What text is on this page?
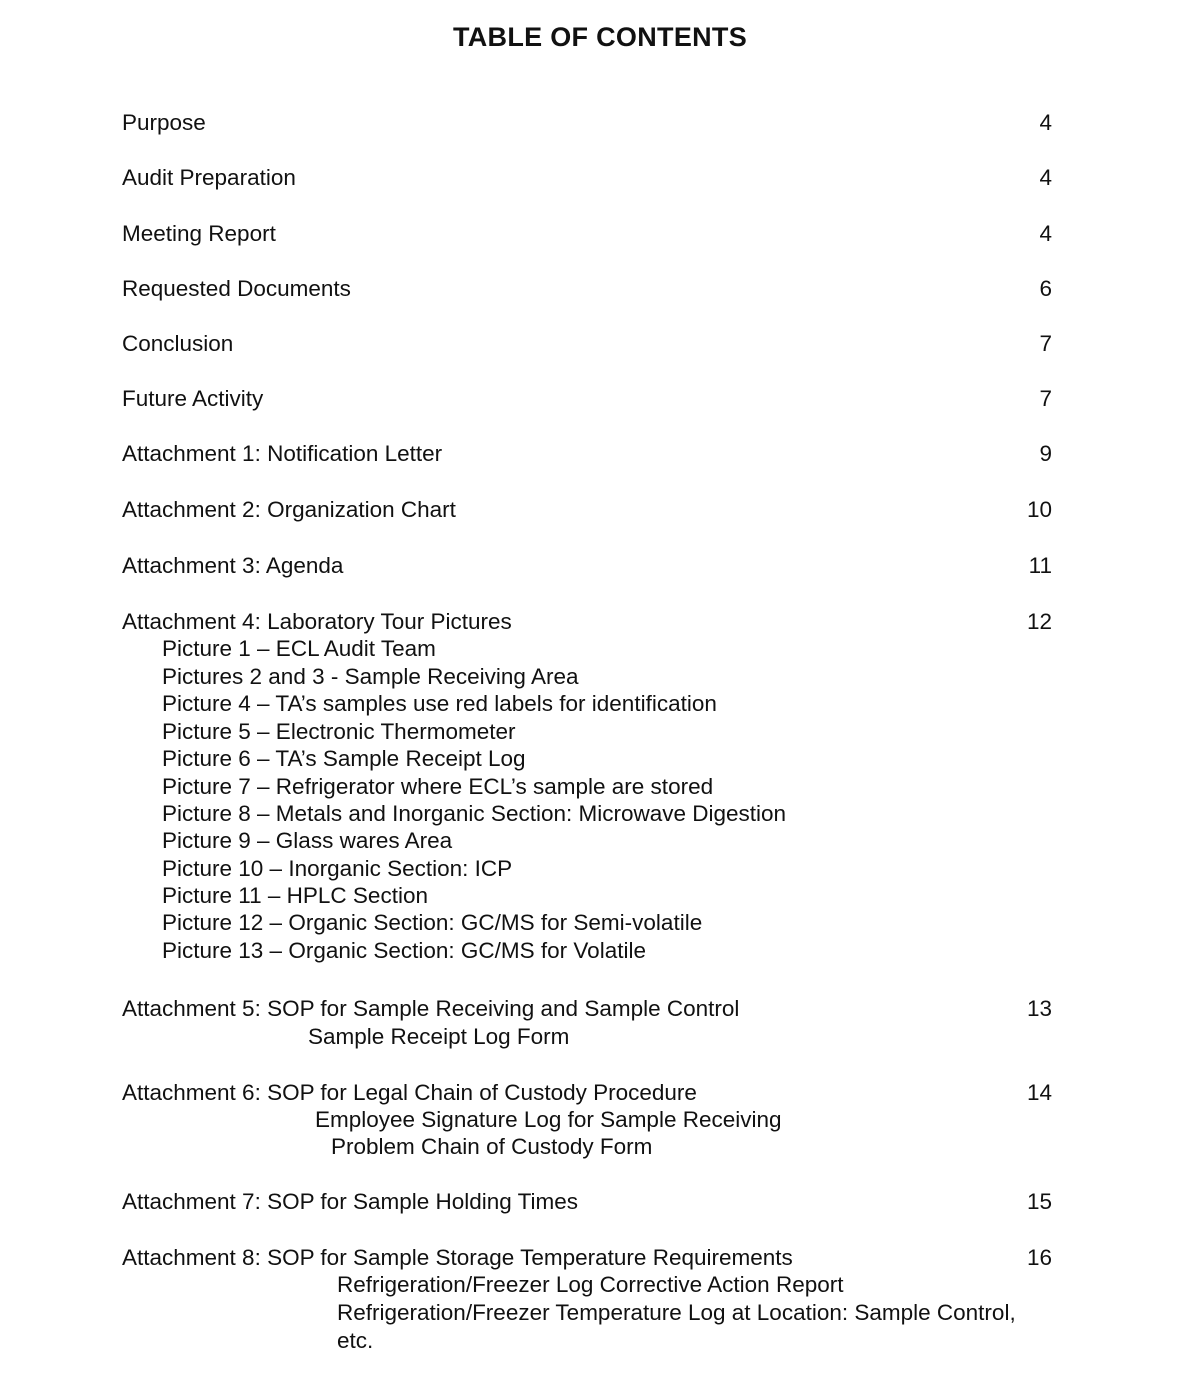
TABLE OF CONTENTS
Purpose	4
Audit Preparation	4
Meeting Report	4
Requested Documents	6
Conclusion	7
Future Activity	7
Attachment 1: Notification Letter	9
Attachment 2: Organization Chart	10
Attachment 3: Agenda	11
Attachment 4: Laboratory Tour Pictures	12
Picture 1 – ECL Audit Team
Pictures 2 and 3 - Sample Receiving Area
Picture 4 – TA’s samples use red labels for identification
Picture 5 – Electronic Thermometer
Picture 6 – TA’s Sample Receipt Log
Picture 7 – Refrigerator where ECL’s sample are stored
Picture 8 – Metals and Inorganic Section: Microwave Digestion
Picture 9 – Glass wares Area
Picture 10 – Inorganic Section: ICP
Picture 11 – HPLC Section
Picture 12 – Organic Section: GC/MS for Semi-volatile
Picture 13 – Organic Section: GC/MS for Volatile
Attachment 5: SOP for Sample Receiving and Sample Control	13
Sample Receipt Log Form
Attachment 6: SOP for Legal Chain of Custody Procedure	14
Employee Signature Log for Sample Receiving
Problem Chain of Custody Form
Attachment 7: SOP for Sample Holding Times	15
Attachment 8: SOP for Sample Storage Temperature Requirements	16
Refrigeration/Freezer Log Corrective Action Report
Refrigeration/Freezer Temperature Log at Location: Sample Control,
etc.
